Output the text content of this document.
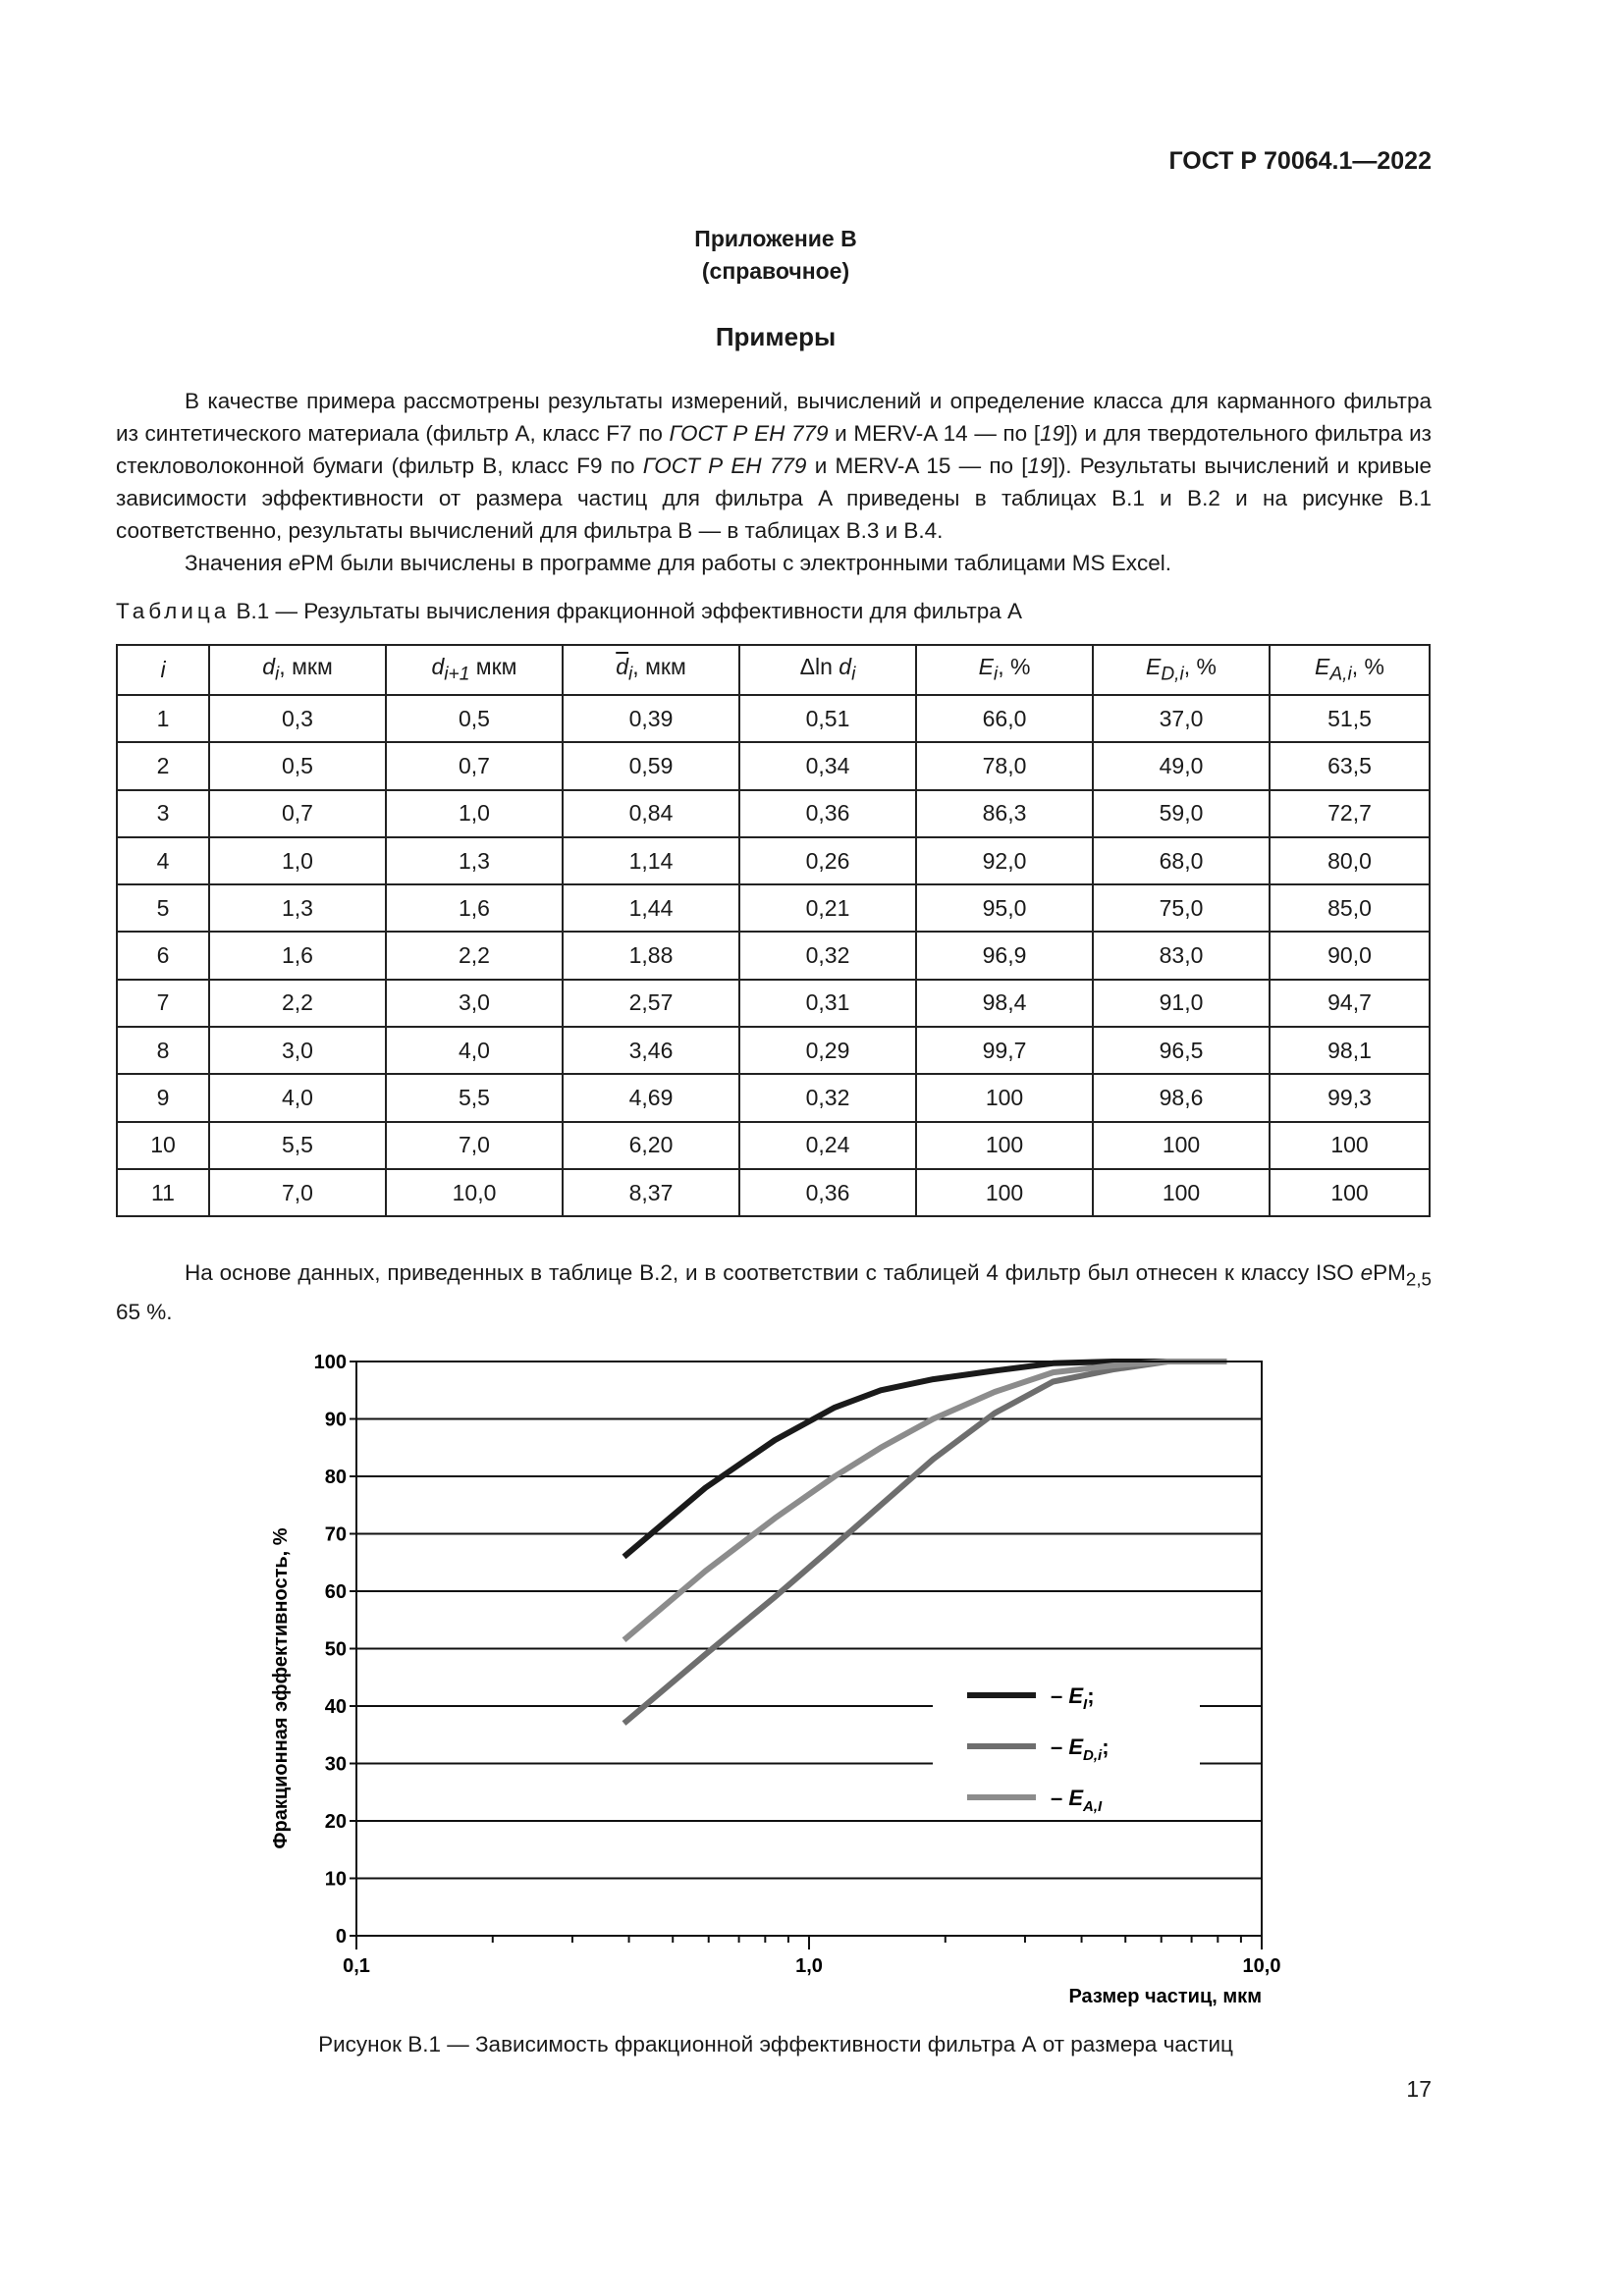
ГОСТ Р 70064.1—2022
Приложение В
(справочное)
Примеры

В качестве примера рассмотрены результаты измерений, вычислений и определение класса для карманного фильтра из синтетического материала (фильтр A, класс F7 по ГОСТ Р ЕН 779 и MERV-A 14 — по [19]) и для твердотельного фильтра из стекловолоконной бумаги (фильтр B, класс F9 по ГОСТ Р ЕН 779 и MERV-A 15 — по [19]). Результаты вычислений и кривые зависимости эффективности от размера частиц для фильтра A приведены в таблицах В.1 и В.2 и на рисунке В.1 соответственно, результаты вычислений для фильтра B — в таблицах В.3 и В.4.

Значения ePM были вычислены в программе для работы с электронными таблицами MS Excel.

Таблица В.1 — Результаты вычисления фракционной эффективности для фильтра A
i	$d_i$, мкм	$d_{i+1}$ мкм	$\overline{d}_i$, мкм	Δln $d_i$	$E_i$, %	$E_{D,i}$, %	$E_{A,i}$, %
1	0,3	0,5	0,39	0,51	66,0	37,0	51,5
2	0,5	0,7	0,59	0,34	78,0	49,0	63,5
3	0,7	1,0	0,84	0,36	86,3	59,0	72,7
4	1,0	1,3	1,14	0,26	92,0	68,0	80,0
5	1,3	1,6	1,44	0,21	95,0	75,0	85,0
6	1,6	2,2	1,88	0,32	96,9	83,0	90,0
7	2,2	3,0	2,57	0,31	98,4	91,0	94,7
8	3,0	4,0	3,46	0,29	99,7	96,5	98,1
9	4,0	5,5	4,69	0,32	100	98,6	99,3
10	5,5	7,0	6,20	0,24	100	100	100
11	7,0	10,0	8,37	0,36	100	100	100

На основе данных, приведенных в таблице В.2, и в соответствии с таблицей 4 фильтр был отнесен к классу ISO ePM$_{2,5}$ 65 %.

– $E_I$;
– $E_{D,i}$;
– $E_{A,I}$
0
10
20
30
40
50
60
70
80
90
100
0,1	1,0	10,0
Фракционная эффективность, %
Размер частиц, мкм
Рисунок В.1 — Зависимость фракционной эффективности фильтра А от размера частиц
17
